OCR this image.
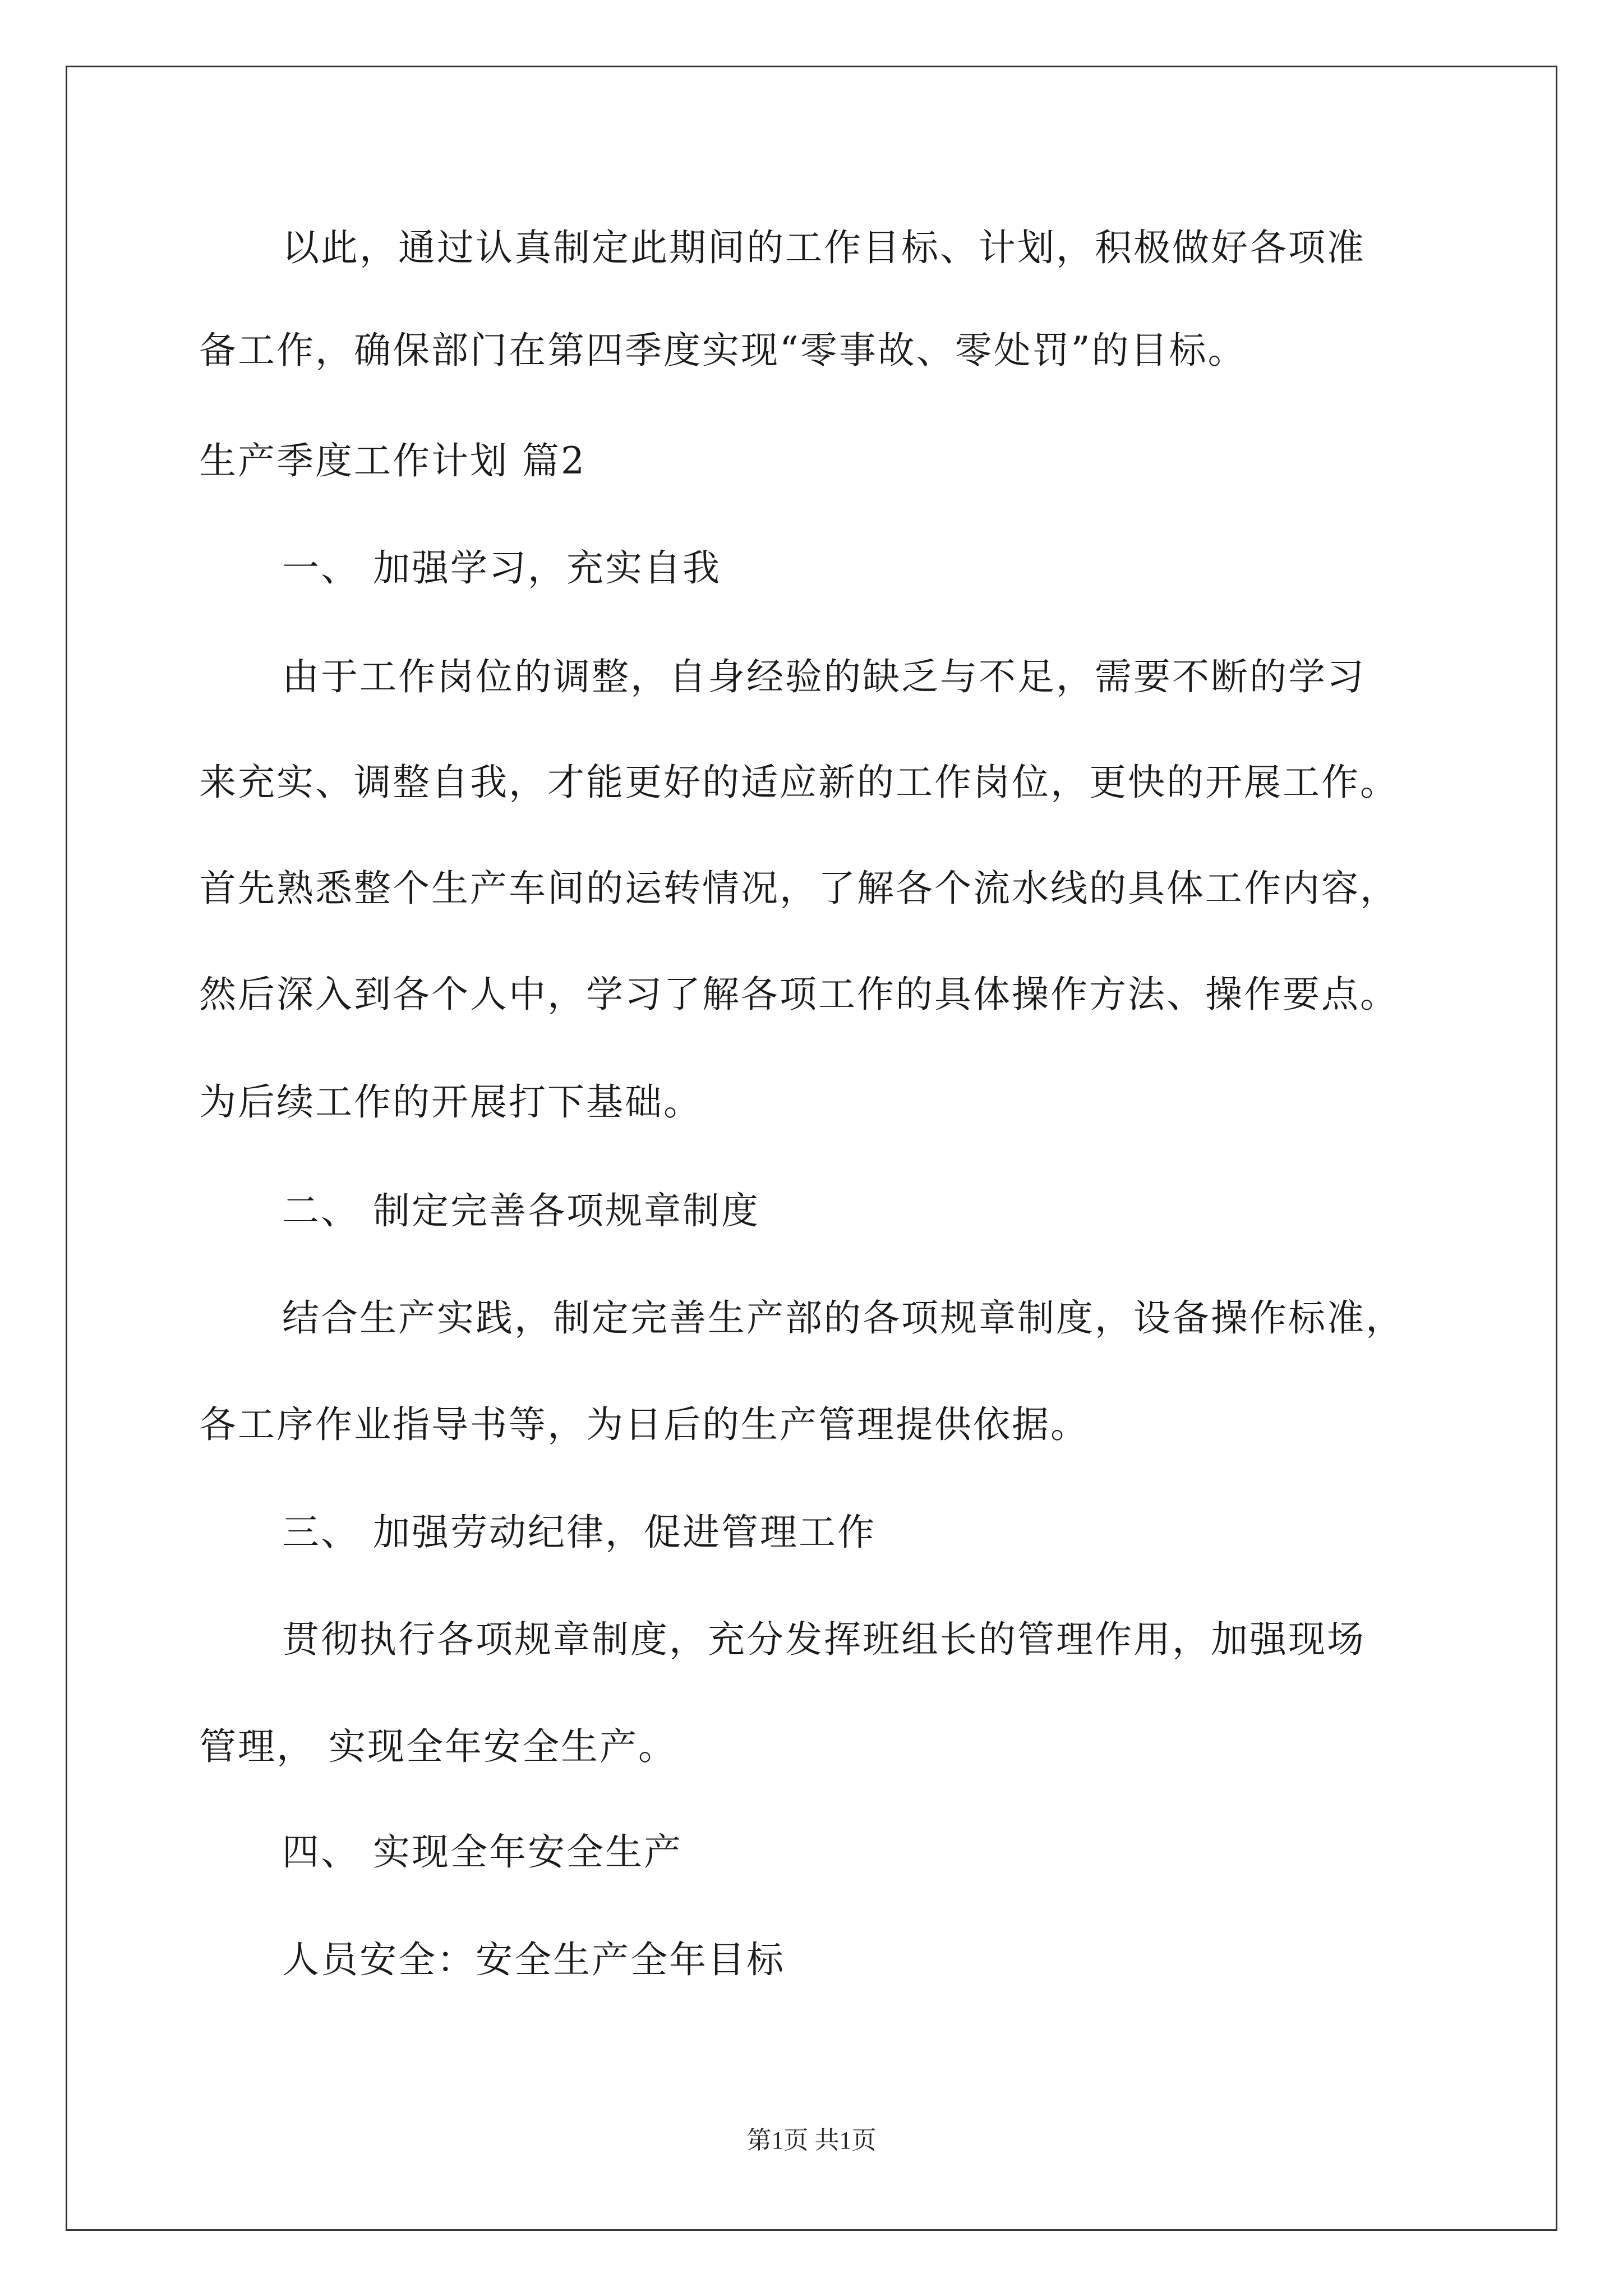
以此，通过认真制定此期间的工作目标、计划，积极做好各项准
备工作，确保部门在第四季度实现“零事故、零处罚”的目标。
生产季度工作计划 篇2
一、 加强学习，充实自我
由于工作岗位的调整，自身经验的缺乏与不足，需要不断的学习
来充实、调整自我，才能更好的适应新的工作岗位，更快的开展工作。
首先熟悉整个生产车间的运转情况，了解各个流水线的具体工作内容，
然后深入到各个人中，学习了解各项工作的具体操作方法、操作要点。
为后续工作的开展打下基础。
二、 制定完善各项规章制度
结合生产实践，制定完善生产部的各项规章制度，设备操作标准，
各工序作业指导书等，为日后的生产管理提供依据。
三、 加强劳动纪律，促进管理工作
贯彻执行各项规章制度，充分发挥班组长的管理作用，加强现场
管理， 实现全年安全生产。
四、 实现全年安全生产
人员安全：安全生产全年目标
第1页 共1页
